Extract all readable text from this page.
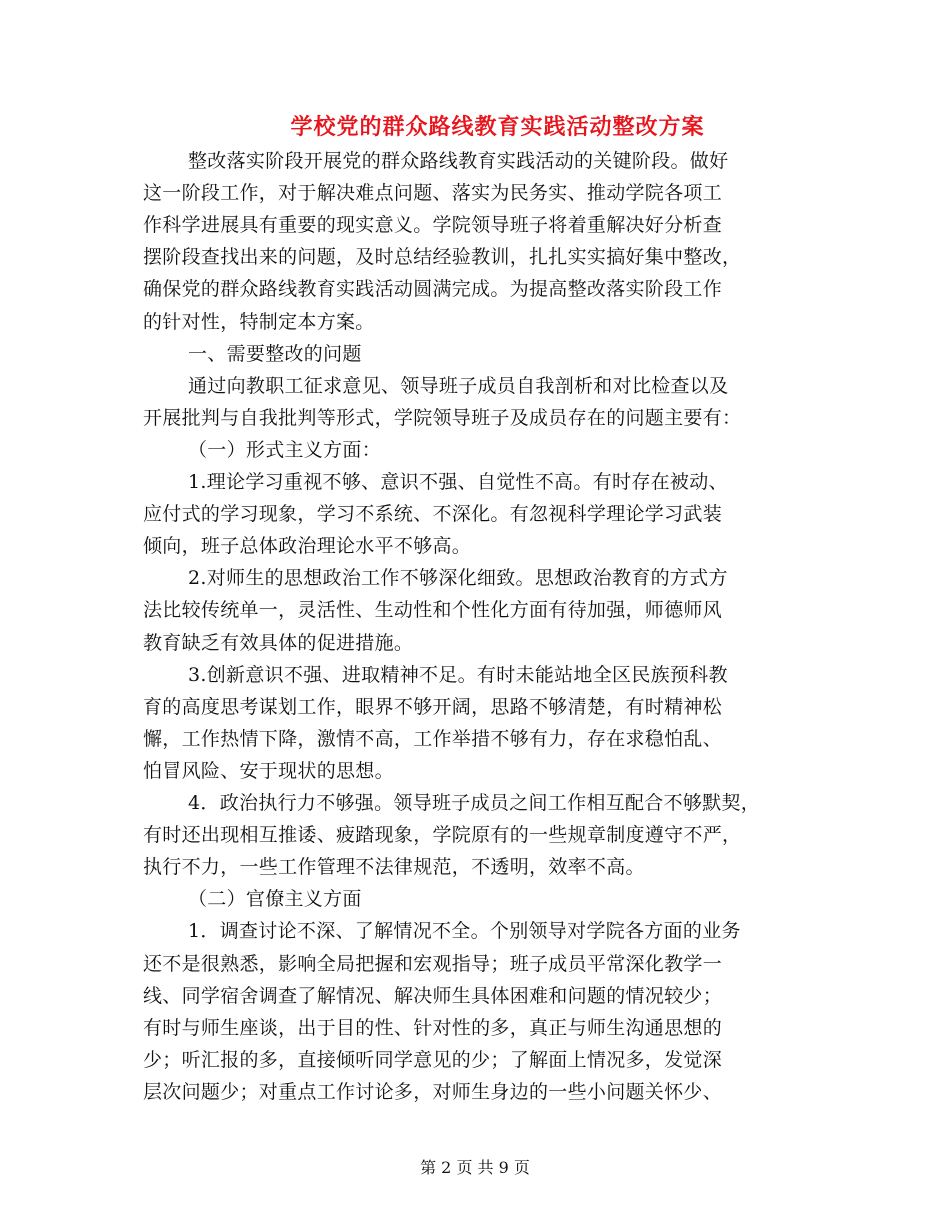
学校党的群众路线教育实践活动整改方案
整改落实阶段开展党的群众路线教育实践活动的关键阶段。做好
这一阶段工作，对于解决难点问题、落实为民务实、推动学院各项工
作科学进展具有重要的现实意义。学院领导班子将着重解决好分析查
摆阶段查找出来的问题，及时总结经验教训，扎扎实实搞好集中整改，
确保党的群众路线教育实践活动圆满完成。为提高整改落实阶段工作
的针对性，特制定本方案。
一、需要整改的问题
通过向教职工征求意见、领导班子成员自我剖析和对比检查以及
开展批判与自我批判等形式，学院领导班子及成员存在的问题主要有：
（一）形式主义方面：
1.理论学习重视不够、意识不强、自觉性不高。有时存在被动、
应付式的学习现象，学习不系统、不深化。有忽视科学理论学习武装
倾向，班子总体政治理论水平不够高。
2.对师生的思想政治工作不够深化细致。思想政治教育的方式方
法比较传统单一，灵活性、生动性和个性化方面有待加强，师德师风
教育缺乏有效具体的促进措施。
3.创新意识不强、进取精神不足。有时未能站地全区民族预科教
育的高度思考谋划工作，眼界不够开阔，思路不够清楚，有时精神松
懈，工作热情下降，激情不高，工作举措不够有力，存在求稳怕乱、
怕冒风险、安于现状的思想。
4．政治执行力不够强。领导班子成员之间工作相互配合不够默契，
有时还出现相互推诿、疲踏现象，学院原有的一些规章制度遵守不严，
执行不力，一些工作管理不法律规范，不透明，效率不高。
（二）官僚主义方面
1．调查讨论不深、了解情况不全。个别领导对学院各方面的业务
还不是很熟悉，影响全局把握和宏观指导；班子成员平常深化教学一
线、同学宿舍调查了解情况、解决师生具体困难和问题的情况较少；
有时与师生座谈，出于目的性、针对性的多，真正与师生沟通思想的
少；听汇报的多，直接倾听同学意见的少；了解面上情况多，发觉深
层次问题少；对重点工作讨论多，对师生身边的一些小问题关怀少、
第 2 页 共 9 页
